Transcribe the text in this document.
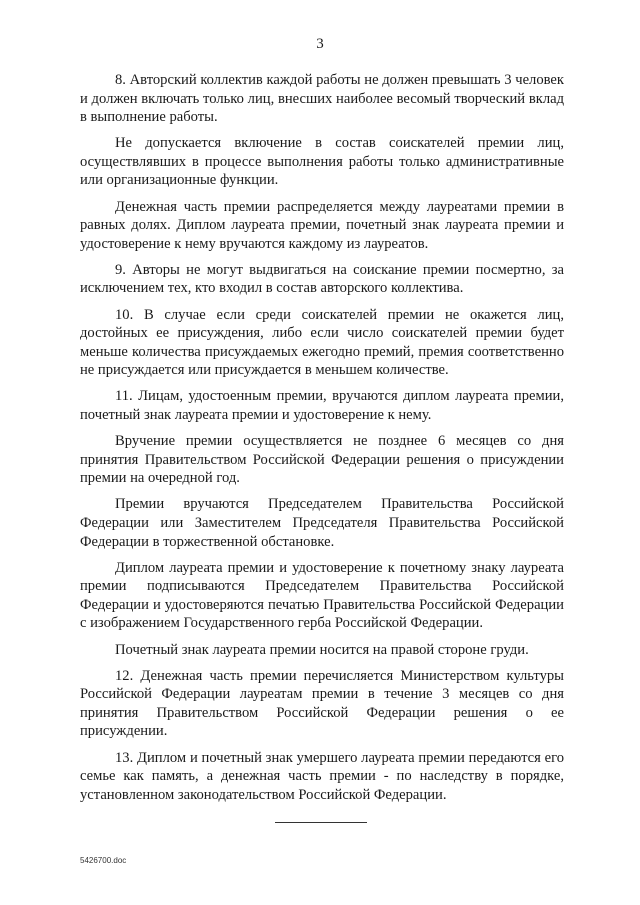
3

8. Авторский коллектив каждой работы не должен превышать 3 человек и должен включать только лиц, внесших наиболее весомый творческий вклад в выполнение работы.

Не допускается включение в состав соискателей премии лиц, осуществлявших в процессе выполнения работы только административные или организационные функции.

Денежная часть премии распределяется между лауреатами премии в равных долях. Диплом лауреата премии, почетный знак лауреата премии и удостоверение к нему вручаются каждому из лауреатов.

9. Авторы не могут выдвигаться на соискание премии посмертно, за исключением тех, кто входил в состав авторского коллектива.

10. В случае если среди соискателей премии не окажется лиц, достойных ее присуждения, либо если число соискателей премии будет меньше количества присуждаемых ежегодно премий, премия соответственно не присуждается или присуждается в меньшем количестве.

11. Лицам, удостоенным премии, вручаются диплом лауреата премии, почетный знак лауреата премии и удостоверение к нему.

Вручение премии осуществляется не позднее 6 месяцев со дня принятия Правительством Российской Федерации решения о присуждении премии на очередной год.

Премии вручаются Председателем Правительства Российской Федерации или Заместителем Председателя Правительства Российской Федерации в торжественной обстановке.

Диплом лауреата премии и удостоверение к почетному знаку лауреата премии подписываются Председателем Правительства Российской Федерации и удостоверяются печатью Правительства Российской Федерации с изображением Государственного герба Российской Федерации.

Почетный знак лауреата премии носится на правой стороне груди.

12. Денежная часть премии перечисляется Министерством культуры Российской Федерации лауреатам премии в течение 3 месяцев со дня принятия Правительством Российской Федерации решения о ее присуждении.

13. Диплом и почетный знак умершего лауреата премии передаются его семье как память, а денежная часть премии - по наследству в порядке, установленном законодательством Российской Федерации.

5426700.doc
